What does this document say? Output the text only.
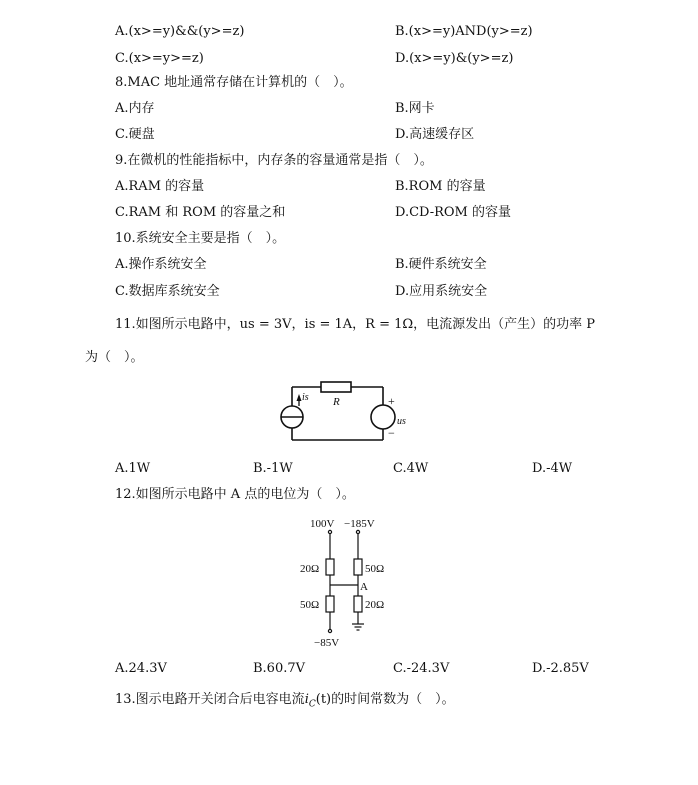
A.(x>=y)&&(y>=z)	B.(x>=y)AND(y>=z)
C.(x>=y>=z)	D.(x>=y)&(y>=z)
8.MAC 地址通常存储在计算机的（　）。
A.内存	B.网卡
C.硬盘	D.高速缓存区
9.在微机的性能指标中，内存条的容量通常是指（　）。
A.RAM 的容量	B.ROM 的容量
C.RAM 和 ROM 的容量之和	D.CD-ROM 的容量
10.系统安全主要是指（　）。
A.操作系统安全	B.硬件系统安全
C.数据库系统安全	D.应用系统安全
11.如图所示电路中，us = 3V，is = 1A，R = 1Ω，电流源发出（产生）的功率 P
为（　）。
is R	+
us
−
A.1W	B.-1W	C.4W	D.-4W
12.如图所示电路中 A 点的电位为（　）。
100V −185V
20Ω	50Ω
A
50Ω	20Ω
−85V
A.24.3V	B.60.7V	C.-24.3V	D.-2.85V
13.图示电路开关闭合后电容电流$i_C(t)$的时间常数为（　）。
